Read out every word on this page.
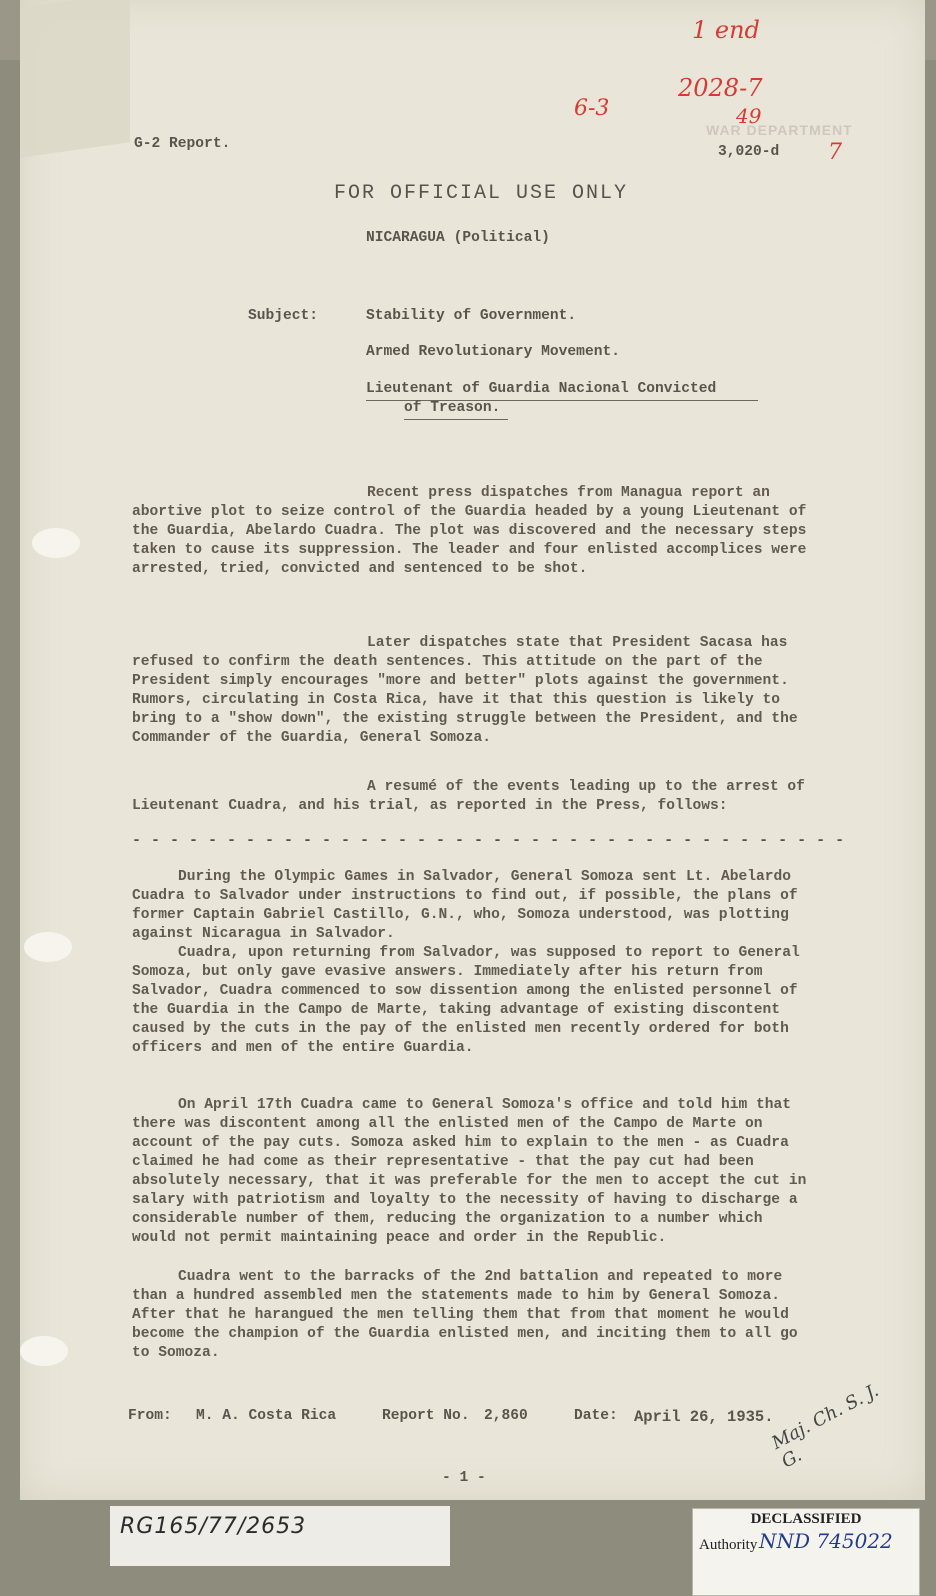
WAR DEPARTMENT
1 end
2028-7
49
6-3
7
G-2 Report.	3,020-d
FOR OFFICIAL USE ONLY
NICARAGUA (Political)
Subject:	Stability of Government.
Armed Revolutionary Movement.
Lieutenant of Guardia Nacional Convicted
of Treason.

Recent press dispatches from Managua report an abortive plot to seize control of the Guardia headed by a young Lieutenant of the Guardia, Abelardo Cuadra. The plot was discovered and the necessary steps taken to cause its suppression. The leader and four enlisted accomplices were arrested, tried, convicted and sentenced to be shot.

Later dispatches state that President Sacasa has refused to confirm the death sentences. This attitude on the part of the President simply encourages "more and better" plots against the government. Rumors, circulating in Costa Rica, have it that this question is likely to bring to a "show down", the existing struggle between the President, and the Commander of the Guardia, General Somoza.

A resumé of the events leading up to the arrest of Lieutenant Cuadra, and his trial, as reported in the Press, follows:

- - - - - - - - - - - - - - - - - - - - - - - - - - - - - - - - - - - - - -

During the Olympic Games in Salvador, General Somoza sent Lt. Abelardo Cuadra to Salvador under instructions to find out, if possible, the plans of former Captain Gabriel Castillo, G.N., who, Somoza understood, was plotting against Nicaragua in Salvador.

Cuadra, upon returning from Salvador, was supposed to report to General Somoza, but only gave evasive answers. Immediately after his return from Salvador, Cuadra commenced to sow dissention among the enlisted personnel of the Guardia in the Campo de Marte, taking advantage of existing discontent caused by the cuts in the pay of the enlisted men recently ordered for both officers and men of the entire Guardia.

On April 17th Cuadra came to General Somoza's office and told him that there was discontent among all the enlisted men of the Campo de Marte on account of the pay cuts. Somoza asked him to explain to the men - as Cuadra claimed he had come as their representative - that the pay cut had been absolutely necessary, that it was preferable for the men to accept the cut in salary with patriotism and loyalty to the necessity of having to discharge a considerable number of them, reducing the organization to a number which would not permit maintaining peace and order in the Republic.

Cuadra went to the barracks of the 2nd battalion and repeated to more than a hundred assembled men the statements made to him by General Somoza. After that he harangued the men telling them that from that moment he would become the champion of the Guardia enlisted men, and inciting them to all go to Somoza.

From: M. A. Costa Rica	Report No. 2,860	Date: April 26, 1935.
- 1 -
Maj. Ch. S. J. G.
RG165/77/2653	DECLASSIFIED
Authority NND 745022
